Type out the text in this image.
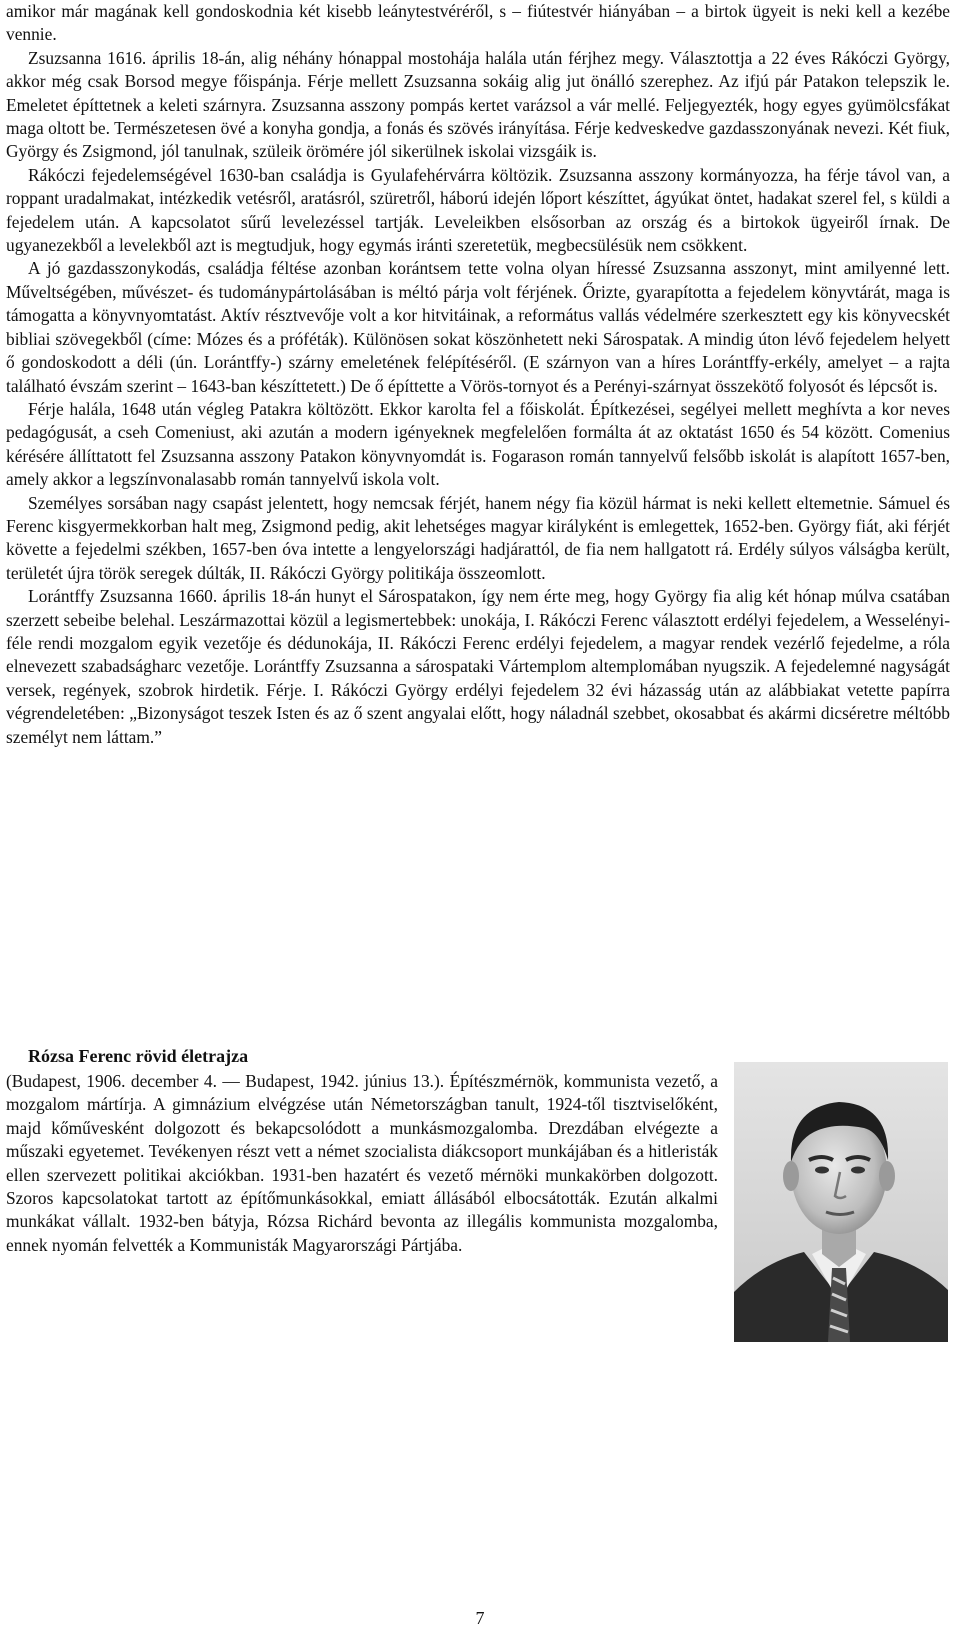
amikor már magának kell gondoskodnia két kisebb leánytestvéréről, s – fiútestvér hiányában – a birtok ügyeit is neki kell a kezébe vennie.

Zsuzsanna 1616. április 18-án, alig néhány hónappal mostohája halála után férjhez megy. Választottja a 22 éves Rákóczi György, akkor még csak Borsod megye főispánja. Férje mellett Zsuzsanna sokáig alig jut önálló szerephez. Az ifjú pár Patakon telepszik le. Emeletet építtetnek a keleti szárnyra. Zsuzsanna asszony pompás kertet varázsol a vár mellé. Feljegyezték, hogy egyes gyümölcsfákat maga oltott be. Természetesen övé a konyha gondja, a fonás és szövés irányítása. Férje kedveskedve gazdasszonyának nevezi. Két fiuk, György és Zsigmond, jól tanulnak, szüleik örömére jól sikerülnek iskolai vizsgáik is.

Rákóczi fejedelemségével 1630-ban családja is Gyulafehérvárra költözik. Zsuzsanna asszony kormányozza, ha férje távol van, a roppant uradalmakat, intézkedik vetésről, aratásról, szüretről, háború idején lőport készíttet, ágyúkat öntet, hadakat szerel fel, s küldi a fejedelem után. A kapcsolatot sűrű levelezéssel tartják. Leveleikben elsősorban az ország és a birtokok ügyeiről írnak. De ugyanezekből a levelekből azt is megtudjuk, hogy egymás iránti szeretetük, megbecsülésük nem csökkent.

A jó gazdasszonykodás, családja féltése azonban korántsem tette volna olyan híressé Zsuzsanna asszonyt, mint amilyenné lett. Műveltségében, művészet- és tudománypártolásában is méltó párja volt férjének. Őrizte, gyarapította a fejedelem könyvtárát, maga is támogatta a könyvnyomtatást. Aktív résztvevője volt a kor hitvitáinak, a református vallás védelmére szerkesztett egy kis könyvecskét bibliai szövegekből (címe: Mózes és a próféták). Különösen sokat köszönhetett neki Sárospatak. A mindig úton lévő fejedelem helyett ő gondoskodott a déli (ún. Lorántffy-) szárny emeletének felépítéséről. (E szárnyon van a híres Lorántffy-erkély, amelyet – a rajta található évszám szerint – 1643-ban készíttetett.) De ő építtette a Vörös-tornyot és a Perényi-szárnyat összekötő folyosót és lépcsőt is.

Férje halála, 1648 után végleg Patakra költözött. Ekkor karolta fel a főiskolát. Építkezései, segélyei mellett meghívta a kor neves pedagógusát, a cseh Comeniust, aki azután a modern igényeknek megfelelően formálta át az oktatást 1650 és 54 között. Comenius kérésére állíttatott fel Zsuzsanna asszony Patakon könyvnyomdát is. Fogarason román tannyelvű felsőbb iskolát is alapított 1657-ben, amely akkor a legszínvonalasabb román tannyelvű iskola volt.

Személyes sorsában nagy csapást jelentett, hogy nemcsak férjét, hanem négy fia közül hármat is neki kellett eltemetnie. Sámuel és Ferenc kisgyermekkorban halt meg, Zsigmond pedig, akit lehetséges magyar királyként is emlegettek, 1652-ben. György fiát, aki férjét követte a fejedelmi székben, 1657-ben óva intette a lengyelországi hadjárattól, de fia nem hallgatott rá. Erdély súlyos válságba került, területét újra török seregek dúlták, II. Rákóczi György politikája összeomlott.

Lorántffy Zsuzsanna 1660. április 18-án hunyt el Sárospatakon, így nem érte meg, hogy György fia alig két hónap múlva csatában szerzett sebeibe belehal. Leszármazottai közül a legismertebbek: unokája, I. Rákóczi Ferenc választott erdélyi fejedelem, a Wesselényi-féle rendi mozgalom egyik vezetője és dédunokája, II. Rákóczi Ferenc erdélyi fejedelem, a magyar rendek vezérlő fejedelme, a róla elnevezett szabadságharc vezetője. Lorántffy Zsuzsanna a sárospataki Vártemplom altemplomában nyugszik. A fejedelemné nagyságát versek, regények, szobrok hirdetik. Férje. I. Rákóczi György erdélyi fejedelem 32 évi házasság után az alábbiakat vetette papírra végrendeletében: „Bizonyságot teszek Isten és az ő szent angyalai előtt, hogy náladnál szebbet, okosabbat és akármi dicséretre méltóbb személyt nem láttam.”

Rózsa Ferenc rövid életrajza

(Budapest, 1906. december 4. — Budapest, 1942. június 13.). Építészmérnök, kommunista vezető, a mozgalom mártírja. A gimnázium elvégzése után Németországban tanult, 1924-től tisztviselőként, majd kőművesként dolgozott és bekapcsolódott a munkásmozgalomba. Drezdában elvégezte a műszaki egyetemet. Tevékenyen részt vett a német szocialista diákcsoport munkájában és a hitleristák ellen szervezett politikai akciókban. 1931-ben hazatért és vezető mérnöki munkakörben dolgozott. Szoros kapcsolatokat tartott az építőmunkásokkal, emiatt állásából elbocsátották. Ezután alkalmi munkákat vállalt. 1932-ben bátyja, Rózsa Richárd bevonta az illegális kommunista mozgalomba, ennek nyomán felvették a Kommunisták Magyarországi Pártjába.

7
